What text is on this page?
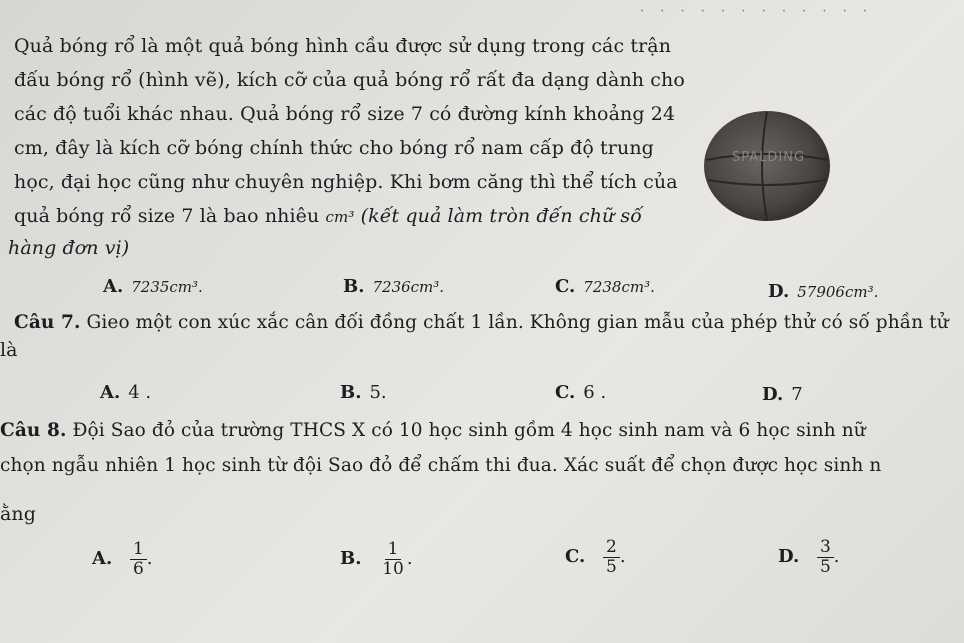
· · · · · · · · · · · ·
Quả bóng rổ là một quả bóng hình cầu được sử dụng trong các trận
đấu bóng rổ (hình vẽ), kích cỡ của quả bóng rổ rất đa dạng dành cho
các độ tuổi khác nhau. Quả bóng rổ size 7 có đường kính khoảng 24
cm, đây là kích cỡ bóng chính thức cho bóng rổ nam cấp độ trung
học, đại học cũng như chuyên nghiệp. Khi bơm căng thì thể tích của
quả bóng rổ size 7 là bao nhiêu cm³ (kết quả làm tròn đến chữ số
hàng đơn vị)
SPALDING
A. 7235cm³.	B. 7236cm³.	C. 7238cm³.	D. 57906cm³.
Câu 7. Gieo một con xúc xắc cân đối đồng chất 1 lần. Không gian mẫu của phép thử có số phần tử
là
A. 4 .	B. 5.	C. 6 .	D. 7
Câu 8. Đội Sao đỏ của trường THCS X có 10 học sinh gồm 4 học sinh nam và 6 học sinh nữ
chọn ngẫu nhiên 1 học sinh từ đội Sao đỏ để chấm thi đua. Xác suất để chọn được học sinh n
ằng
A. $\frac{1}{6}$ .	B. $\frac{1}{10}$ .	C. $\frac{2}{5}$ .	D. $\frac{3}{5}$ .
